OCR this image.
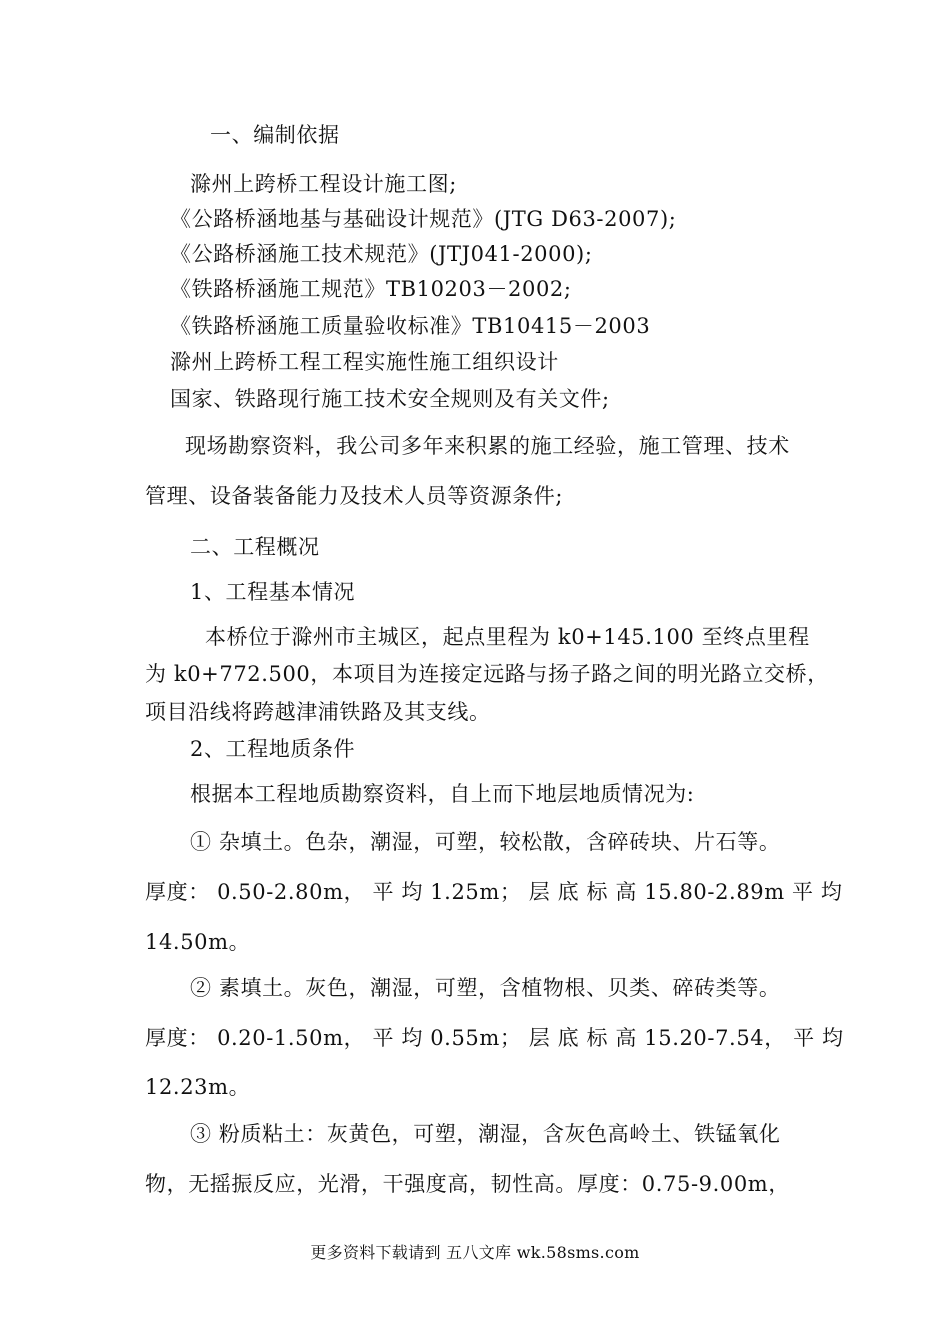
一、编制依据
滁州上跨桥工程设计施工图;
《公路桥涵地基与基础设计规范》(JTG D63-2007);
《公路桥涵施工技术规范》(JTJ041-2000);
《铁路桥涵施工规范》TB10203－2002;
《铁路桥涵施工质量验收标准》TB10415－2003
滁州上跨桥工程工程实施性施工组织设计
国家、铁路现行施工技术安全规则及有关文件;
现场勘察资料，我公司多年来积累的施工经验，施工管理、技术
管理、设备装备能力及技术人员等资源条件;
二、工程概况
1、工程基本情况
本桥位于滁州市主城区，起点里程为 k0+145.100 至终点里程
为 k0+772.500，本项目为连接定远路与扬子路之间的明光路立交桥，
项目沿线将跨越津浦铁路及其支线。
2、工程地质条件
根据本工程地质勘察资料，自上而下地层地质情况为:
① 杂填土。色杂，潮湿，可塑，较松散，含碎砖块、片石等。
厚度： 0.50-2.80m， 平 均 1.25m； 层 底 标 高 15.80-2.89m 平 均
14.50m。
② 素填土。灰色，潮湿，可塑，含植物根、贝类、碎砖类等。
厚度： 0.20-1.50m， 平 均 0.55m； 层 底 标 高 15.20-7.54， 平 均
12.23m。
③ 粉质粘土：灰黄色，可塑，潮湿，含灰色高岭土、铁锰氧化
物，无摇振反应，光滑，干强度高，韧性高。厚度：0.75-9.00m，
更多资料下载请到 五八文库 wk.58sms.com
